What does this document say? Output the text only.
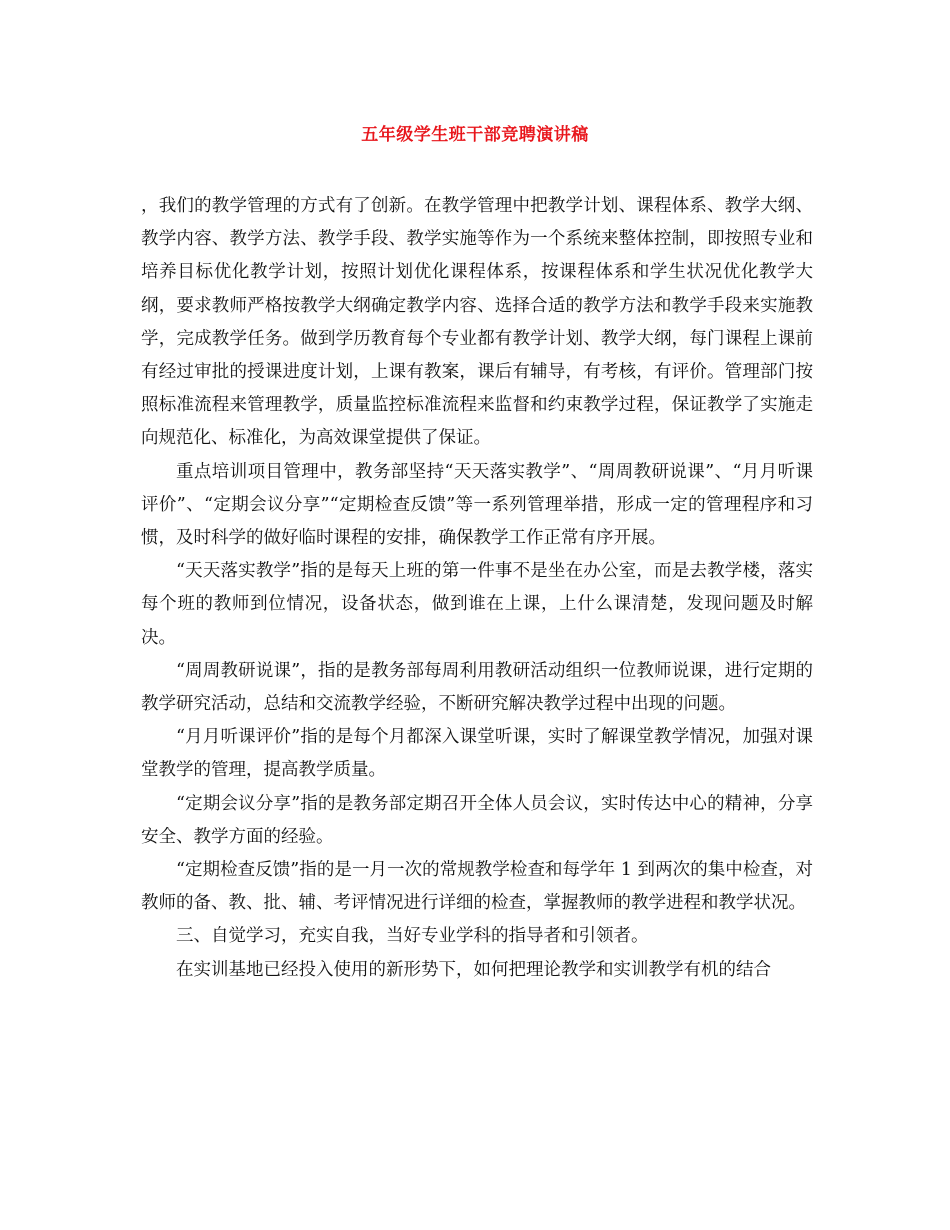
五年级学生班干部竞聘演讲稿

，我们的教学管理的方式有了创新。在教学管理中把教学计划、课程体系、教学大纲、教学内容、教学方法、教学手段、教学实施等作为一个系统来整体控制，即按照专业和培养目标优化教学计划，按照计划优化课程体系，按课程体系和学生状况优化教学大纲，要求教师严格按教学大纲确定教学内容、选择合适的教学方法和教学手段来实施教学，完成教学任务。做到学历教育每个专业都有教学计划、教学大纲，每门课程上课前有经过审批的授课进度计划，上课有教案，课后有辅导，有考核，有评价。管理部门按照标准流程来管理教学，质量监控标准流程来监督和约束教学过程，保证教学了实施走向规范化、标准化，为高效课堂提供了保证。

重点培训项目管理中，教务部坚持“天天落实教学”、“周周教研说课”、“月月听课评价”、“定期会议分享”“定期检查反馈”等一系列管理举措，形成一定的管理程序和习惯，及时科学的做好临时课程的安排，确保教学工作正常有序开展。

“天天落实教学”指的是每天上班的第一件事不是坐在办公室，而是去教学楼，落实每个班的教师到位情况，设备状态，做到谁在上课，上什么课清楚，发现问题及时解决。

“周周教研说课”，指的是教务部每周利用教研活动组织一位教师说课，进行定期的教学研究活动，总结和交流教学经验，不断研究解决教学过程中出现的问题。

“月月听课评价”指的是每个月都深入课堂听课，实时了解课堂教学情况，加强对课堂教学的管理，提高教学质量。

“定期会议分享”指的是教务部定期召开全体人员会议，实时传达中心的精神，分享安全、教学方面的经验。

“定期检查反馈”指的是一月一次的常规教学检查和每学年 1 到两次的集中检查，对教师的备、教、批、辅、考评情况进行详细的检查，掌握教师的教学进程和教学状况。

三、自觉学习，充实自我，当好专业学科的指导者和引领者。

在实训基地已经投入使用的新形势下，如何把理论教学和实训教学有机的结合
